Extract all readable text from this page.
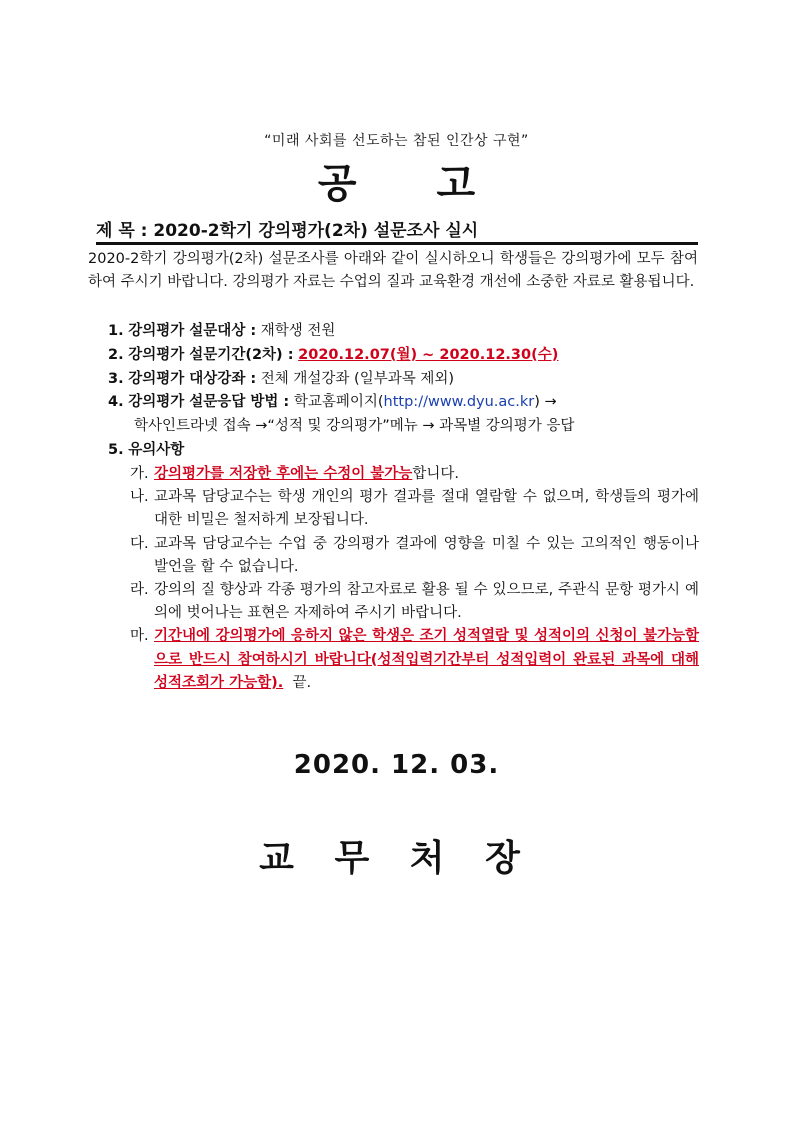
“미래 사회를 선도하는 참된 인간상 구현”
공 고
제 목 : 2020-2학기 강의평가(2차) 설문조사 실시
2020-2학기 강의평가(2차) 설문조사를 아래와 같이 실시하오니 학생들은 강의평가에 모두 참여하여 주시기 바랍니다. 강의평가 자료는 수업의 질과 교육환경 개선에 소중한 자료로 활용됩니다.
1. 강의평가 설문대상 : 재학생 전원
2. 강의평가 설문기간(2차) : 2020.12.07(월) ~ 2020.12.30(수)
3. 강의평가 대상강좌 : 전체 개설강좌 (일부과목 제외)
4. 강의평가 설문응답 방법 : 학교홈페이지(http://www.dyu.ac.kr) →
학사인트라넷 접속 →“성적 및 강의평가”메뉴 → 과목별 강의평가 응답
5. 유의사항
가. 강의평가를 저장한 후에는 수정이 불가능합니다.
나. 교과목 담당교수는 학생 개인의 평가 결과를 절대 열람할 수 없으며, 학생들의 평가에 대한 비밀은 철저하게 보장됩니다.
다. 교과목 담당교수는 수업 중 강의평가 결과에 영향을 미칠 수 있는 고의적인 행동이나 발언을 할 수 없습니다.
라. 강의의 질 향상과 각종 평가의 참고자료로 활용 될 수 있으므로, 주관식 문항 평가시 예의에 벗어나는 표현은 자제하여 주시기 바랍니다.
마. 기간내에 강의평가에 응하지 않은 학생은 조기 성적열람 및 성적이의 신청이 불가능함으로 반드시 참여하시기 바랍니다(성적입력기간부터 성적입력이 완료된 과목에 대해 성적조회가 가능함). 끝.
2020. 12. 03.
교 무 처 장
